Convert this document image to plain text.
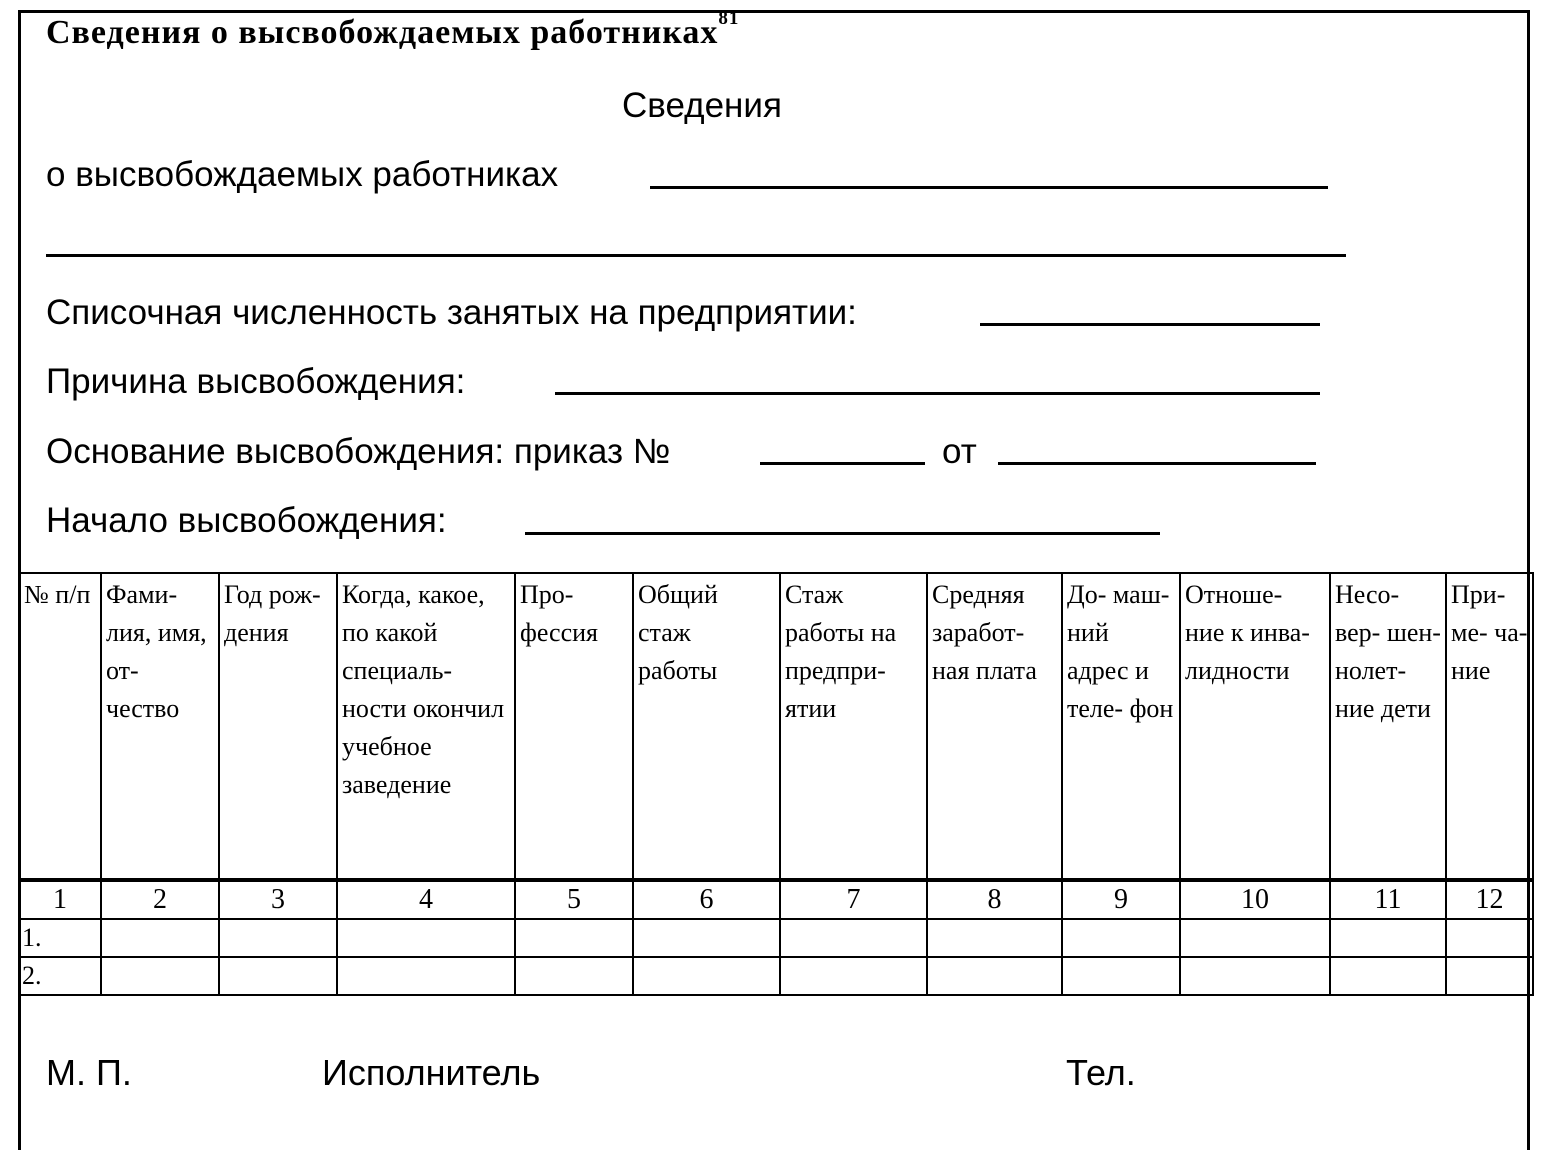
Сведения о высвобождаемых работниках$^{81}$
Сведения
о высвобождаемых работниках
Списочная численность занятых на предприятии:
Причина высвобождения:
Основание высвобождения: приказ №	от
Начало высвобождения:
№ п/п	Фами- лия, имя, от- чество	Год рож- дения	Когда, какое, по какой специаль- ности окончил учебное заведение	Про- фессия	Общий стаж работы	Стаж работы на предпри- ятии	Средняя заработ- ная плата	До- маш- ний адрес и теле- фон	Отноше- ние к инва- лидности	Несо- вер- шен- нолет- ние дети	При- ме- ча- ние
1	2	3	4	5	6	7	8	9	10	11	12
1.											
2.											
М. П.	Исполнитель	Тел.
